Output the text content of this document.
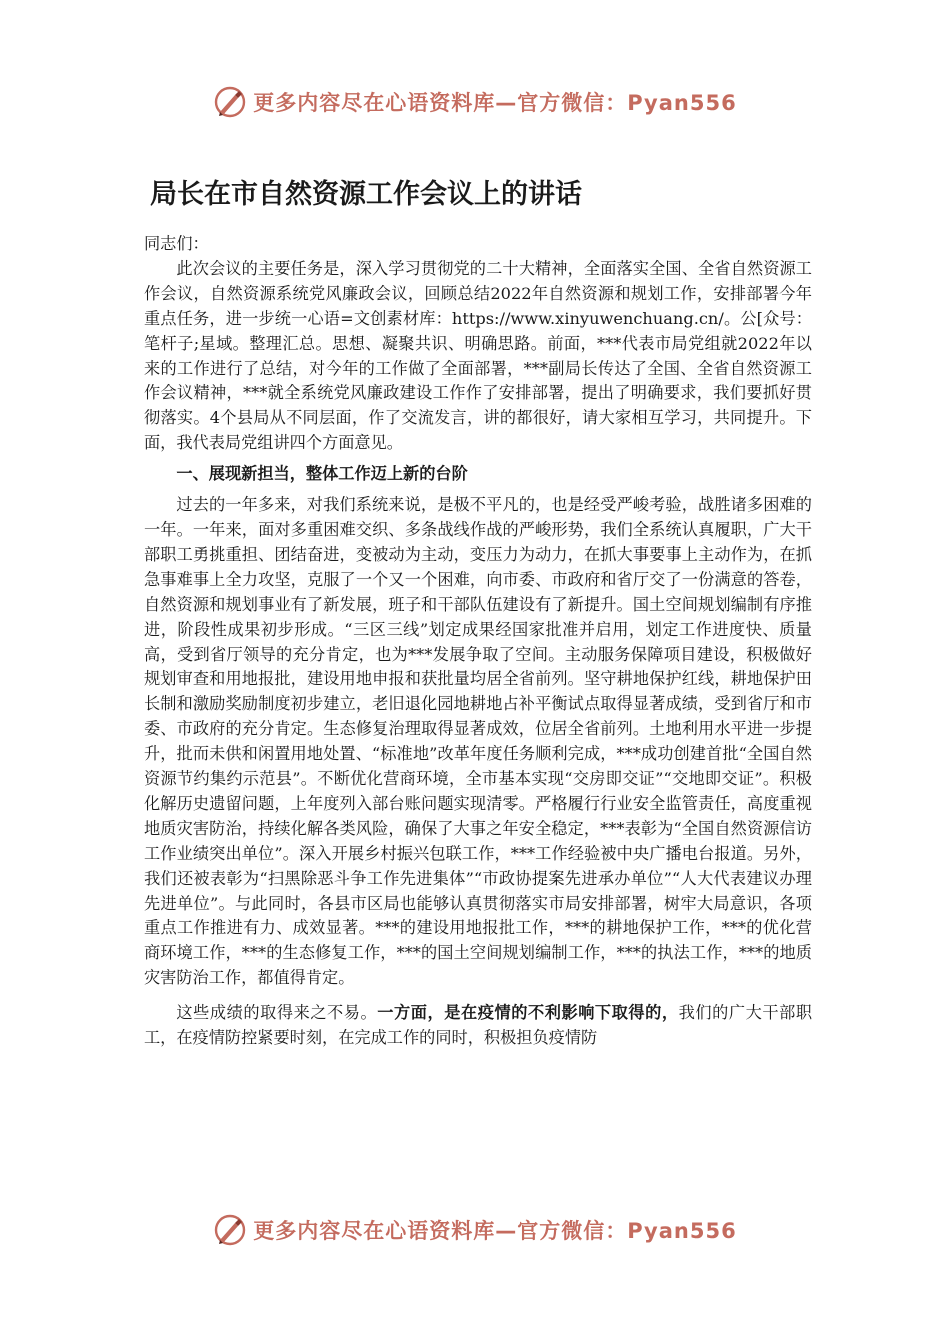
更多内容尽在心语资料库—官方微信：Pyan556
局长在市自然资源工作会议上的讲话

同志们：

此次会议的主要任务是，深入学习贯彻党的二十大精神，全面落实全国、全省自然资源工作会议，自然资源系统党风廉政会议，回顾总结2022年自然资源和规划工作，安排部署今年重点任务，进一步统一心语=文创素材库：https://www.xinyuwenchuang.cn/。公[众号：笔杆子;星域。整理汇总。思想、凝聚共识、明确思路。前面，***代表市局党组就2022年以来的工作进行了总结，对今年的工作做了全面部署，***副局长传达了全国、全省自然资源工作会议精神，***就全系统党风廉政建设工作作了安排部署，提出了明确要求，我们要抓好贯彻落实。4个县局从不同层面，作了交流发言，讲的都很好，请大家相互学习，共同提升。下面，我代表局党组讲四个方面意见。

一、展现新担当，整体工作迈上新的台阶

过去的一年多来，对我们系统来说，是极不平凡的，也是经受严峻考验，战胜诸多困难的一年。一年来，面对多重困难交织、多条战线作战的严峻形势，我们全系统认真履职，广大干部职工勇挑重担、团结奋进，变被动为主动，变压力为动力，在抓大事要事上主动作为，在抓急事难事上全力攻坚，克服了一个又一个困难，向市委、市政府和省厅交了一份满意的答卷，自然资源和规划事业有了新发展，班子和干部队伍建设有了新提升。国土空间规划编制有序推进，阶段性成果初步形成。“三区三线”划定成果经国家批准并启用，划定工作进度快、质量高，受到省厅领导的充分肯定，也为***发展争取了空间。主动服务保障项目建设，积极做好规划审查和用地报批，建设用地申报和获批量均居全省前列。坚守耕地保护红线，耕地保护田长制和激励奖励制度初步建立，老旧退化园地耕地占补平衡试点取得显著成绩，受到省厅和市委、市政府的充分肯定。生态修复治理取得显著成效，位居全省前列。土地利用水平进一步提升，批而未供和闲置用地处置、“标准地”改革年度任务顺利完成，***成功创建首批“全国自然资源节约集约示范县”。不断优化营商环境，全市基本实现“交房即交证”“交地即交证”。积极化解历史遗留问题，上年度列入部台账问题实现清零。严格履行行业安全监管责任，高度重视地质灾害防治，持续化解各类风险，确保了大事之年安全稳定，***表彰为“全国自然资源信访工作业绩突出单位”。深入开展乡村振兴包联工作，***工作经验被中央广播电台报道。另外，我们还被表彰为“扫黑除恶斗争工作先进集体”“市政协提案先进承办单位”“人大代表建议办理先进单位”。与此同时，各县市区局也能够认真贯彻落实市局安排部署，树牢大局意识，各项重点工作推进有力、成效显著。***的建设用地报批工作，***的耕地保护工作，***的优化营商环境工作，***的生态修复工作，***的国土空间规划编制工作，***的执法工作，***的地质灾害防治工作，都值得肯定。

这些成绩的取得来之不易。一方面，是在疫情的不利影响下取得的，我们的广大干部职工，在疫情防控紧要时刻，在完成工作的同时，积极担负疫情防

更多内容尽在心语资料库—官方微信：Pyan556
